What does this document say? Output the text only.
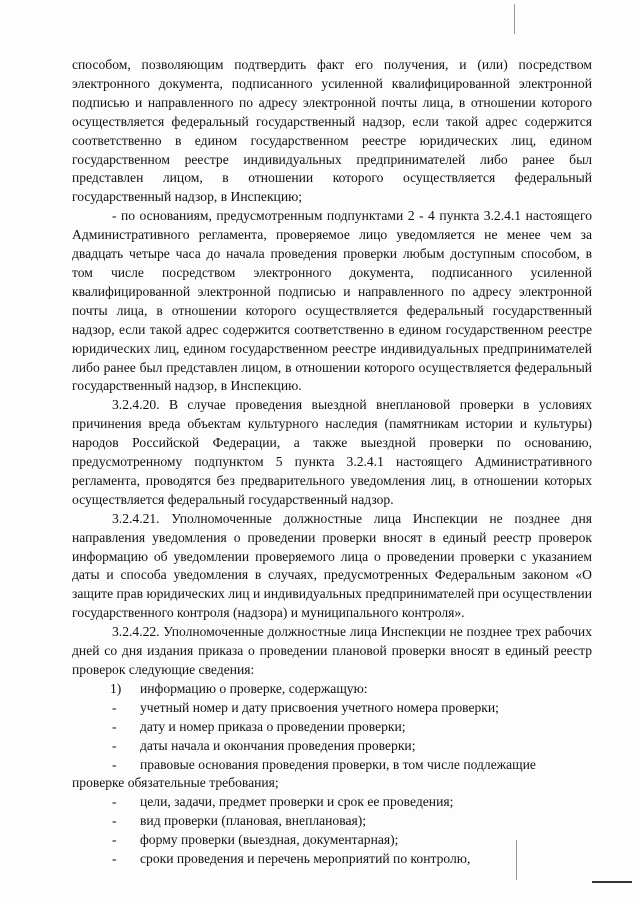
способом, позволяющим подтвердить факт его получения, и (или) посредством электронного документа, подписанного усиленной квалифицированной электронной подписью и направленного по адресу электронной почты лица, в отношении которого осуществляется федеральный государственный надзор, если такой адрес содержится соответственно в едином государственном реестре юридических лиц, едином государственном реестре индивидуальных предпринимателей либо ранее был представлен лицом, в отношении которого осуществляется федеральный государственный надзор, в Инспекцию;

- по основаниям, предусмотренным подпунктами 2 - 4 пункта 3.2.4.1 настоящего Административного регламента, проверяемое лицо уведомляется не менее чем за двадцать четыре часа до начала проведения проверки любым доступным способом, в том числе посредством электронного документа, подписанного усиленной квалифицированной электронной подписью и направленного по адресу электронной почты лица, в отношении которого осуществляется федеральный государственный надзор, если такой адрес содержится соответственно в едином государственном реестре юридических лиц, едином государственном реестре индивидуальных предпринимателей либо ранее был представлен лицом, в отношении которого осуществляется федеральный государственный надзор, в Инспекцию.

3.2.4.20. В случае проведения выездной внеплановой проверки в условиях причинения вреда объектам культурного наследия (памятникам истории и культуры) народов Российской Федерации, а также выездной проверки по основанию, предусмотренному подпунктом 5 пункта 3.2.4.1 настоящего Административного регламента, проводятся без предварительного уведомления лиц, в отношении которых осуществляется федеральный государственный надзор.

3.2.4.21. Уполномоченные должностные лица Инспекции не позднее дня направления уведомления о проведении проверки вносят в единый реестр проверок информацию об уведомлении проверяемого лица о проведении проверки с указанием даты и способа уведомления в случаях, предусмотренных Федеральным законом «О защите прав юридических лиц и индивидуальных предпринимателей при осуществлении государственного контроля (надзора) и муниципального контроля».

3.2.4.22. Уполномоченные должностные лица Инспекции не позднее трех рабочих дней со дня издания приказа о проведении плановой проверки вносят в единый реестр проверок следующие сведения:

1) информацию о проверке, содержащую:
- учетный номер и дату присвоения учетного номера проверки;
- дату и номер приказа о проведении проверки;
- даты начала и окончания проведения проверки;
- правовые основания проведения проверки, в том числе подлежащие

проверке обязательные требования;

- цели, задачи, предмет проверки и срок ее проведения;
- вид проверки (плановая, внеплановая);
- форму проверки (выездная, документарная);
- сроки проведения и перечень мероприятий по контролю,
